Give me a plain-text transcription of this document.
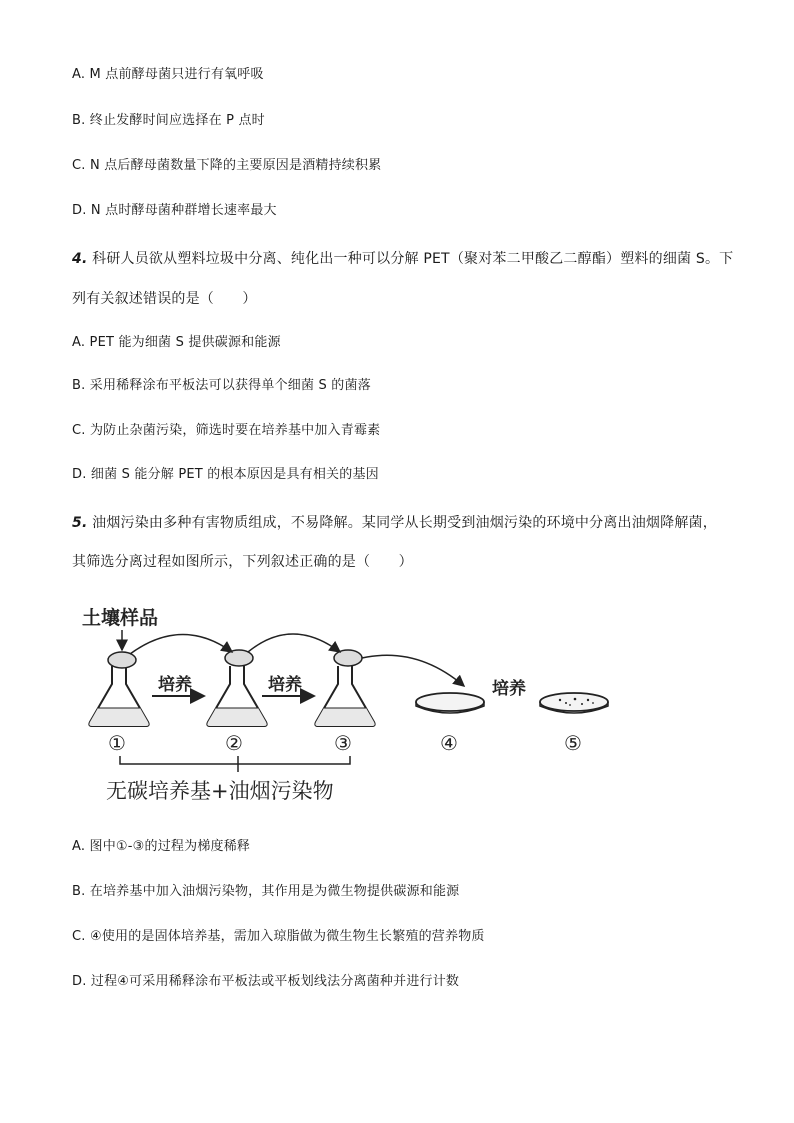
A. M 点前酵母菌只进行有氧呼吸
B. 终止发酵时间应选择在 P 点时
C. N 点后酵母菌数量下降的主要原因是酒精持续积累
D. N 点时酵母菌种群增长速率最大
4. 科研人员欲从塑料垃圾中分离、纯化出一种可以分解 PET（聚对苯二甲酸乙二醇酯）塑料的细菌 S。下
列有关叙述错误的是（　　）
A. PET 能为细菌 S 提供碳源和能源
B. 采用稀释涂布平板法可以获得单个细菌 S 的菌落
C. 为防止杂菌污染，筛选时要在培养基中加入青霉素
D. 细菌 S 能分解 PET 的根本原因是具有相关的基因
5. 油烟污染由多种有害物质组成，不易降解。某同学从长期受到油烟污染的环境中分离出油烟降解菌，
其筛选分离过程如图所示，下列叙述正确的是（　　）
土壤样品
培养	培养	培养
①	②	③	④	⑤
无碳培养基+油烟污染物
A. 图中①-③的过程为梯度稀释
B. 在培养基中加入油烟污染物，其作用是为微生物提供碳源和能源
C. ④使用的是固体培养基，需加入琼脂做为微生物生长繁殖的营养物质
D. 过程④可采用稀释涂布平板法或平板划线法分离菌种并进行计数
